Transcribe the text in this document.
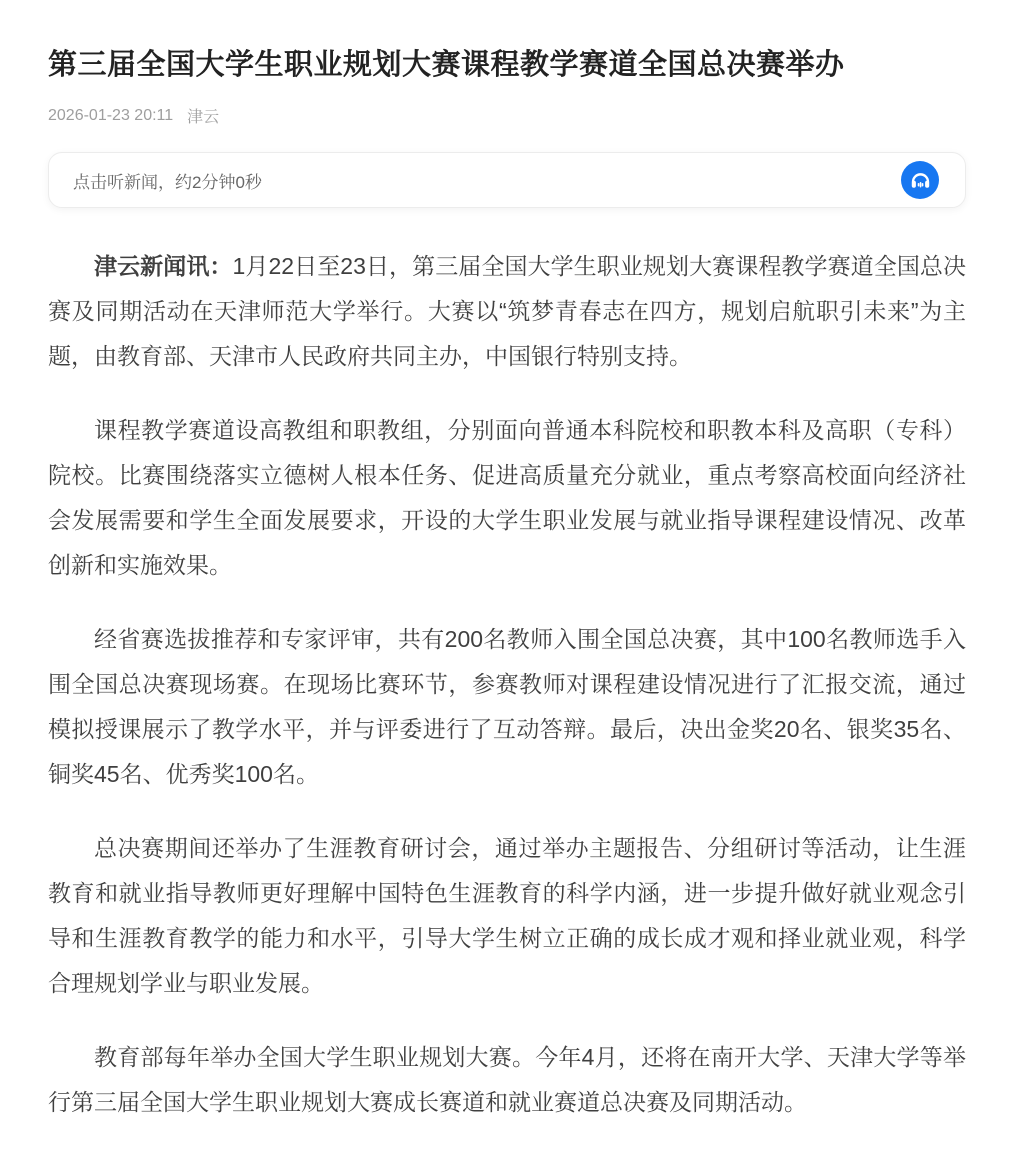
第三届全国大学生职业规划大赛课程教学赛道全国总决赛举办
2026-01-23 20:11 津云
点击听新闻，约2分钟0秒

津云新闻讯：1月22日至23日，第三届全国大学生职业规划大赛课程教学赛道全国总决赛及同期活动在天津师范大学举行。大赛以“筑梦青春志在四方，规划启航职引未来”为主题，由教育部、天津市人民政府共同主办，中国银行特别支持。

课程教学赛道设高教组和职教组，分别面向普通本科院校和职教本科及高职（专科）院校。比赛围绕落实立德树人根本任务、促进高质量充分就业，重点考察高校面向经济社会发展需要和学生全面发展要求，开设的大学生职业发展与就业指导课程建设情况、改革创新和实施效果。

经省赛选拔推荐和专家评审，共有200名教师入围全国总决赛，其中100名教师选手入围全国总决赛现场赛。在现场比赛环节，参赛教师对课程建设情况进行了汇报交流，通过模拟授课展示了教学水平，并与评委进行了互动答辩。最后，决出金奖20名、银奖35名、铜奖45名、优秀奖100名。

总决赛期间还举办了生涯教育研讨会，通过举办主题报告、分组研讨等活动，让生涯教育和就业指导教师更好理解中国特色生涯教育的科学内涵，进一步提升做好就业观念引导和生涯教育教学的能力和水平，引导大学生树立正确的成长成才观和择业就业观，科学合理规划学业与职业发展。

教育部每年举办全国大学生职业规划大赛。今年4月，还将在南开大学、天津大学等举行第三届全国大学生职业规划大赛成长赛道和就业赛道总决赛及同期活动。
